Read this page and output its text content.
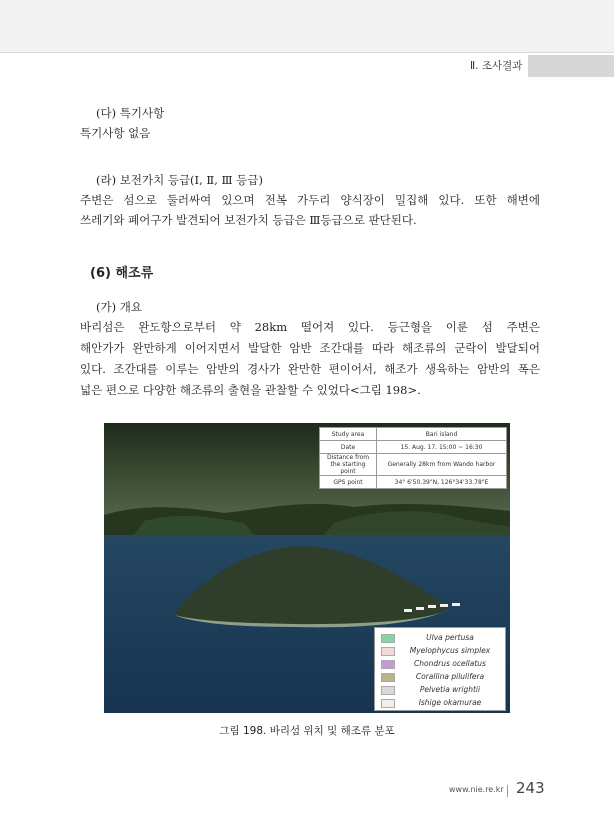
Ⅱ. 조사결과
(다) 특기사항
특기사항 없음
(라) 보전가치 등급(Ⅰ, Ⅱ, Ⅲ 등급)
주변은 섬으로 둘러싸여 있으며 전복 가두리 양식장이 밀집해 있다. 또한 해변에
쓰레기와 폐어구가 발견되어 보전가치 등급은 Ⅲ등급으로 판단된다.
(6) 해조류
(가) 개요
바리섬은 완도항으로부터 약 28km 떨어져 있다. 등근형을 이룬 섬 주변은
해안가가 완만하게 이어지면서 발달한 암반 조간대를 따라 해조류의 군락이 발달되어
있다. 조간대를 이루는 암반의 경사가 완만한 편이어서, 해조가 생육하는 암반의 폭은
넓은 편으로 다양한 해조류의 출현을 관찰할 수 있었다<그림 198>.
Study area	Bari island
Date	15. Aug. 17. 15:00 ~ 16:30
Distance from the starting point	Generally 28km from Wando harbor
GPS point	34° 6'50.39"N, 126°34'33.78"E
Ulva pertusa
Myelophycus simplex
Chondrus ocellatus
Corallina pilulifera
Pelvetia wrightii
Ishige okamurae
그림 198. 바리섬 위치 및 해조류 분포
www.nie.re.kr 243
